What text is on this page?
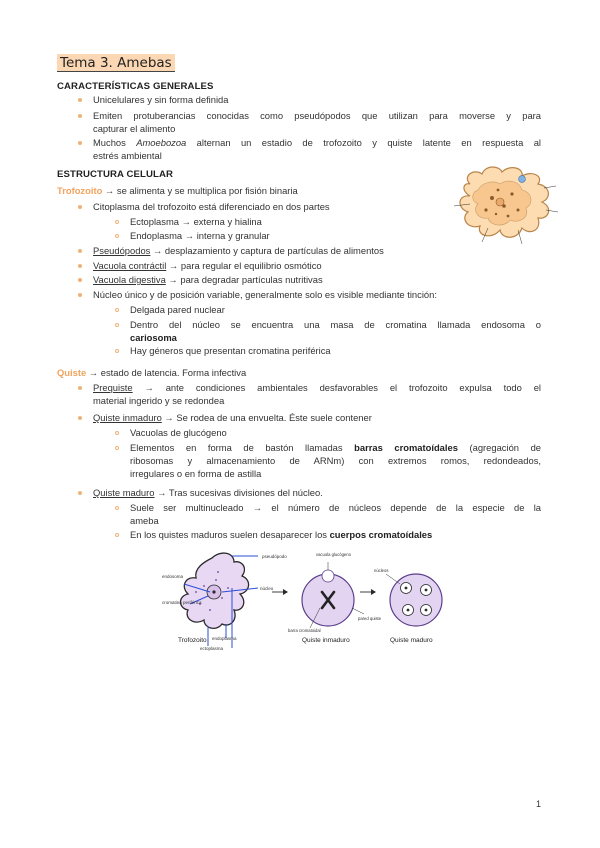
Tema 3. Amebas
CARACTERÍSTICAS GENERALES
Unicelulares y sin forma definida
Emiten protuberancias conocidas como pseudópodos que utilizan para moverse y para
capturar el alimento
Muchos Amoebozoa alternan un estadio de trofozoito y quiste latente en respuesta al
estrés ambiental
ESTRUCTURA CELULAR
Trofozoito → se alimenta y se multiplica por fisión binaria
Citoplasma del trofozoito está diferenciado en dos partes
Ectoplasma → externa y hialina
Endoplasma → interna y granular
Pseudópodos → desplazamiento y captura de partículas de alimentos
Vacuola contráctil → para regular el equilibrio osmótico
Vacuola digestiva → para degradar partículas nutritivas
Núcleo único y de posición variable, generalmente solo es visible mediante tinción:
Delgada pared nuclear
Dentro del núcleo se encuentra una masa de cromatina llamada endosoma o
cariosoma
Hay géneros que presentan cromatina periférica
Quiste → estado de latencia. Forma infectiva
Prequiste → ante condiciones ambientales desfavorables el trofozoito expulsa todo el
material ingerido y se redondea
Quiste inmaduro → Se rodea de una envuelta. Éste suele contener
Vacuolas de glucógeno
Elementos en forma de bastón llamadas barras cromatoídales (agregación de
ribosomas y almacenamiento de ARNm) con extremos romos, redondeados,
irregulares o en forma de astilla
Quiste maduro → Tras sucesivas divisiones del núcleo.
Suele ser multinucleado → el número de núcleos depende de la especie de la
ameba
En los quistes maduros suelen desaparecer los cuerpos cromatoídales
pseudópodo
endosoma
cromatina periférica
núcleo
endoplasma
ectoplasma
Trofozoito
vacuola glucógeno
barra cromatoidal
pared quiste
Quiste inmaduro
núcleos
Quiste maduro
1
